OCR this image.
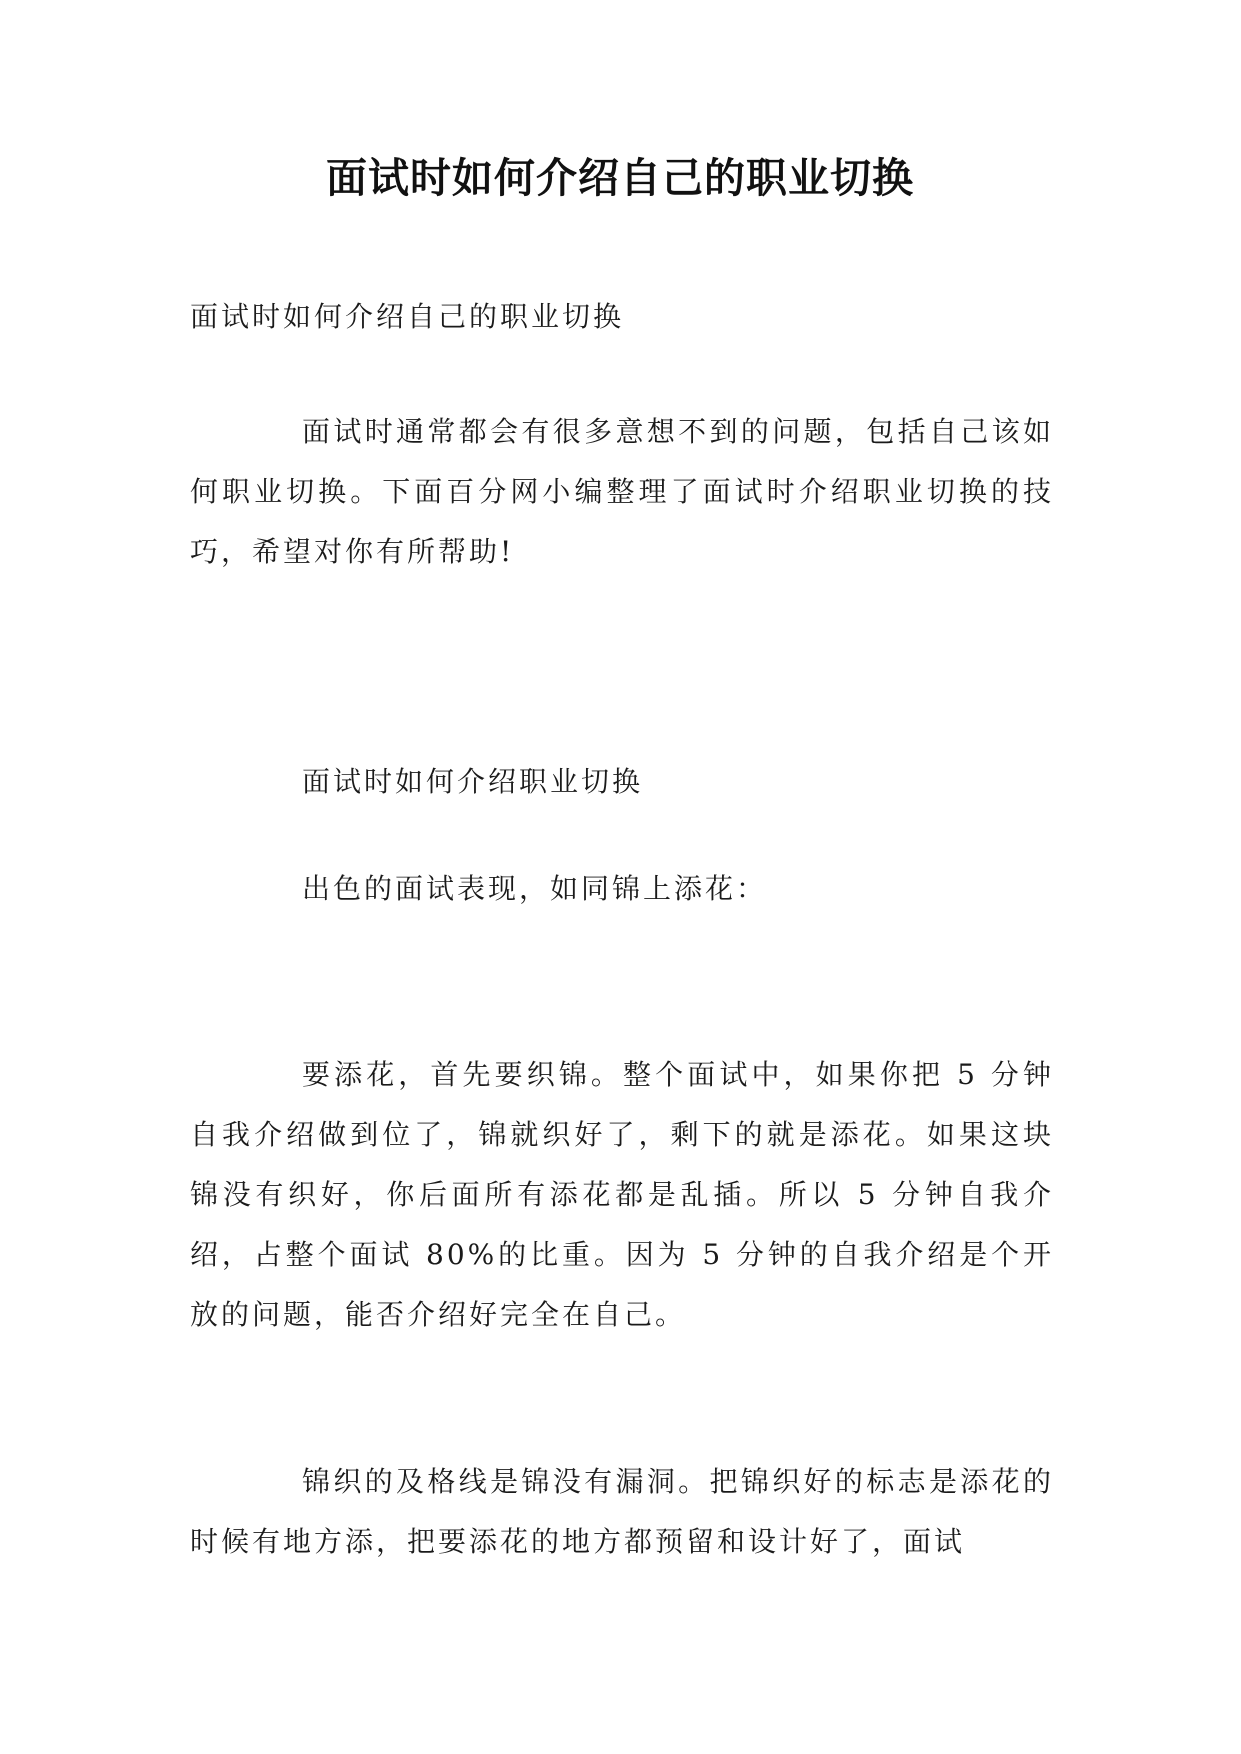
面试时如何介绍自己的职业切换

面试时如何介绍自己的职业切换

面试时通常都会有很多意想不到的问题，包括自己该如何职业切换。下面百分网小编整理了面试时介绍职业切换的技巧，希望对你有所帮助!

面试时如何介绍职业切换

出色的面试表现，如同锦上添花：

要添花，首先要织锦。整个面试中，如果你把 5 分钟自我介绍做到位了，锦就织好了，剩下的就是添花。如果这块锦没有织好，你后面所有添花都是乱插。所以 5 分钟自我介绍，占整个面试 80%的比重。因为 5 分钟的自我介绍是个开放的问题，能否介绍好完全在自己。

锦织的及格线是锦没有漏洞。把锦织好的标志是添花的时候有地方添，把要添花的地方都预留和设计好了，面试
